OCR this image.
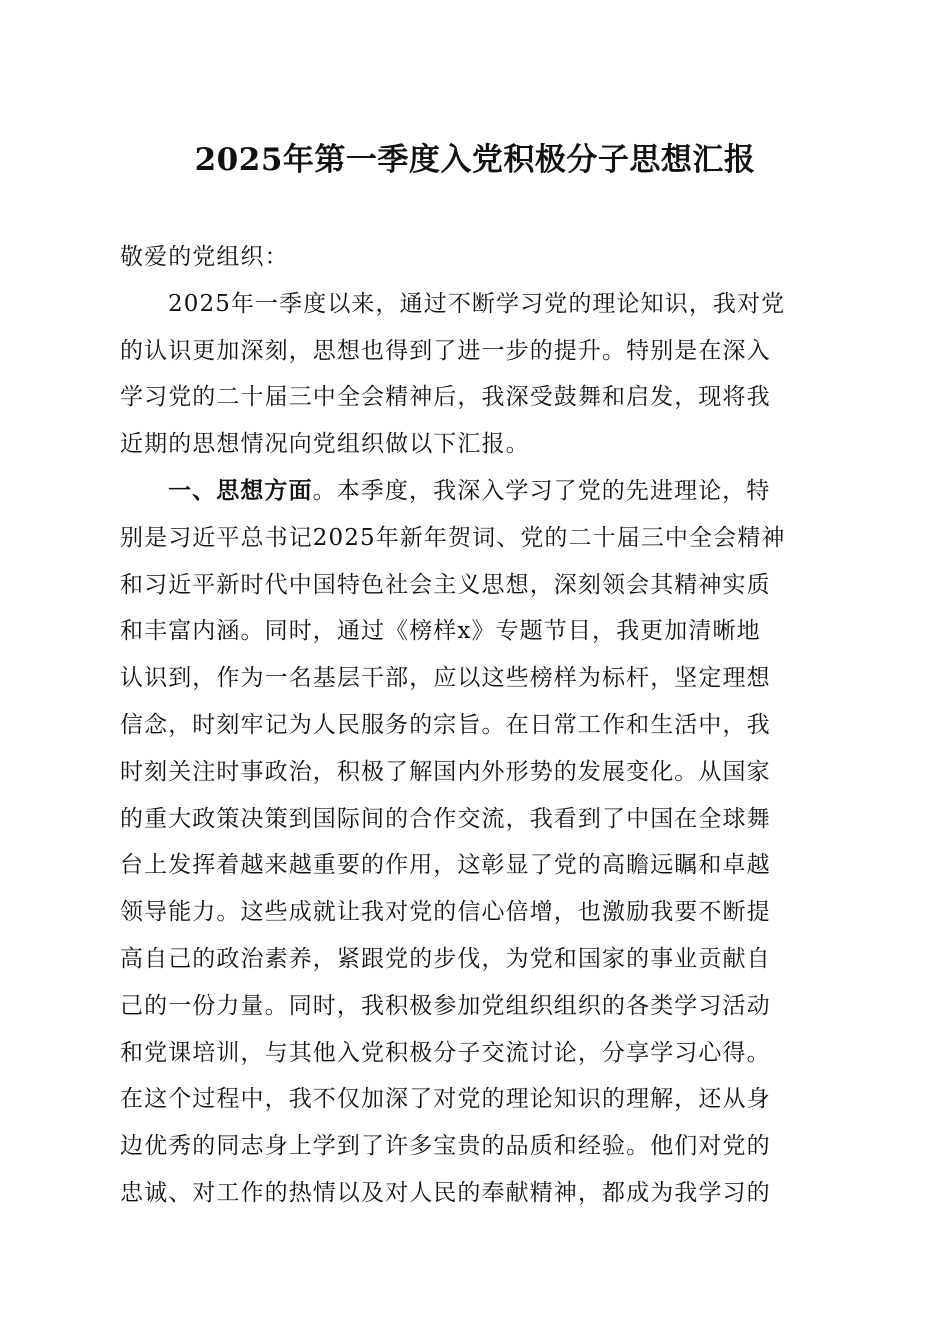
2025年第一季度入党积极分子思想汇报
敬爱的党组织：
2025年一季度以来，通过不断学习党的理论知识，我对党
的认识更加深刻，思想也得到了进一步的提升。特别是在深入
学习党的二十届三中全会精神后，我深受鼓舞和启发，现将我
近期的思想情况向党组织做以下汇报。
一、思想方面。本季度，我深入学习了党的先进理论，特
别是习近平总书记2025年新年贺词、党的二十届三中全会精神
和习近平新时代中国特色社会主义思想，深刻领会其精神实质
和丰富内涵。同时，通过《榜样x》专题节目，我更加清晰地
认识到，作为一名基层干部，应以这些榜样为标杆，坚定理想
信念，时刻牢记为人民服务的宗旨。在日常工作和生活中，我
时刻关注时事政治，积极了解国内外形势的发展变化。从国家
的重大政策决策到国际间的合作交流，我看到了中国在全球舞
台上发挥着越来越重要的作用，这彰显了党的高瞻远瞩和卓越
领导能力。这些成就让我对党的信心倍增，也激励我要不断提
高自己的政治素养，紧跟党的步伐，为党和国家的事业贡献自
己的一份力量。同时，我积极参加党组织组织的各类学习活动
和党课培训，与其他入党积极分子交流讨论，分享学习心得。
在这个过程中，我不仅加深了对党的理论知识的理解，还从身
边优秀的同志身上学到了许多宝贵的品质和经验。他们对党的
忠诚、对工作的热情以及对人民的奉献精神，都成为我学习的
